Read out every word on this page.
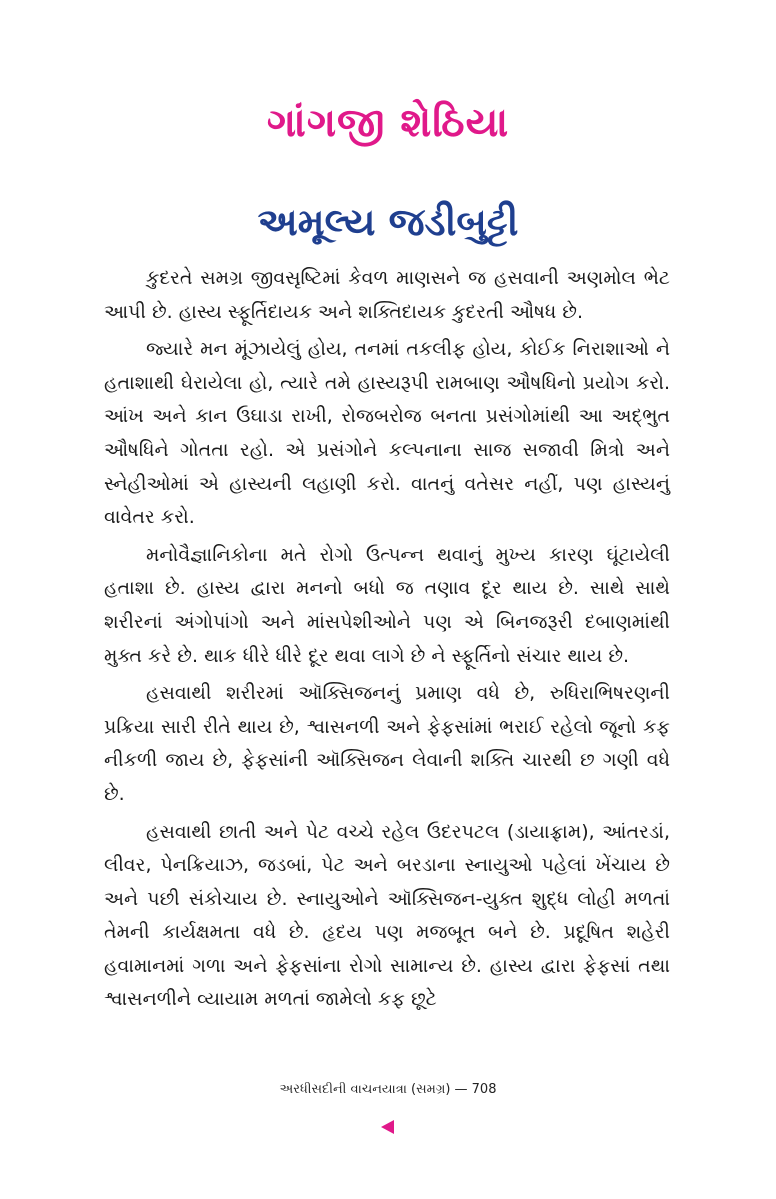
ગાંગજી શેઠિયા
અમૂલ્ય જડીબુટ્ટી

કુદરતે સમગ્ર જીવસૃષ્ટિમાં કેવળ માણસને જ હસવાની અણમોલ ભેટ આપી છે. હાસ્ય સ્ફૂર્તિદાયક અને શક્તિદાયક કુદરતી ઔષધ છે.

જ્યારે મન મૂંઝાયેલું હોય, તનમાં તકલીફ હોય, કોઈક નિરાશાઓ ને હતાશાથી ઘેરાયેલા હો, ત્યારે તમે હાસ્યરૂપી રામબાણ ઔષધિનો પ્રયોગ કરો. આંખ અને કાન ઉઘાડા રાખી, રોજબરોજ બનતા પ્રસંગોમાંથી આ અદ્ભુત ઔષધિને ગોતતા રહો. એ પ્રસંગોને કલ્પનાના સાજ સજાવી મિત્રો અને સ્નેહીઓમાં એ હાસ્યની લહાણી કરો. વાતનું વતેસર નહીં, પણ હાસ્યનું વાવેતર કરો.

મનોવૈજ્ઞાનિકોના મતે રોગો ઉત્પન્ન થવાનું મુખ્ય કારણ ઘૂંટાયેલી હતાશા છે. હાસ્ય દ્વારા મનનો બધો જ તણાવ દૂર થાય છે. સાથે સાથે શરીરનાં અંગોપાંગો અને માંસપેશીઓને પણ એ બિનજરૂરી દબાણમાંથી મુક્ત કરે છે. થાક ધીરે ધીરે દૂર થવા લાગે છે ને સ્ફૂર્તિનો સંચાર થાય છે.

હસવાથી શરીરમાં ઑક્સિજનનું પ્રમાણ વધે છે, રુધિરાભિષરણની પ્રક્રિયા સારી રીતે થાય છે, શ્વાસનળી અને ફેફસાંમાં ભરાઈ રહેલો જૂનો કફ નીકળી જાય છે, ફેફસાંની ઑક્સિજન લેવાની શક્તિ ચારથી છ ગણી વધે છે.

હસવાથી છાતી અને પેટ વચ્ચે રહેલ ઉદરપટલ (ડાયાફ્રામ), આંતરડાં, લીવર, પેનક્રિયાઝ, જડબાં, પેટ અને બરડાના સ્નાયુઓ પહેલાં ખેંચાય છે અને પછી સંકોચાય છે. સ્નાયુઓને ઑક્સિજન-યુક્ત શુદ્ધ લોહી મળતાં તેમની કાર્યક્ષમતા વધે છે. હૃદય પણ મજબૂત બને છે. પ્રદૂષિત શહેરી હવામાનમાં ગળા અને ફેફસાંના રોગો સામાન્ય છે. હાસ્ય દ્વારા ફેફસાં તથા શ્વાસનળીને વ્યાયામ મળતાં જામેલો કફ છૂટે

અરધીસદીની વાચનયાત્રા (સમગ્ર) — 708
